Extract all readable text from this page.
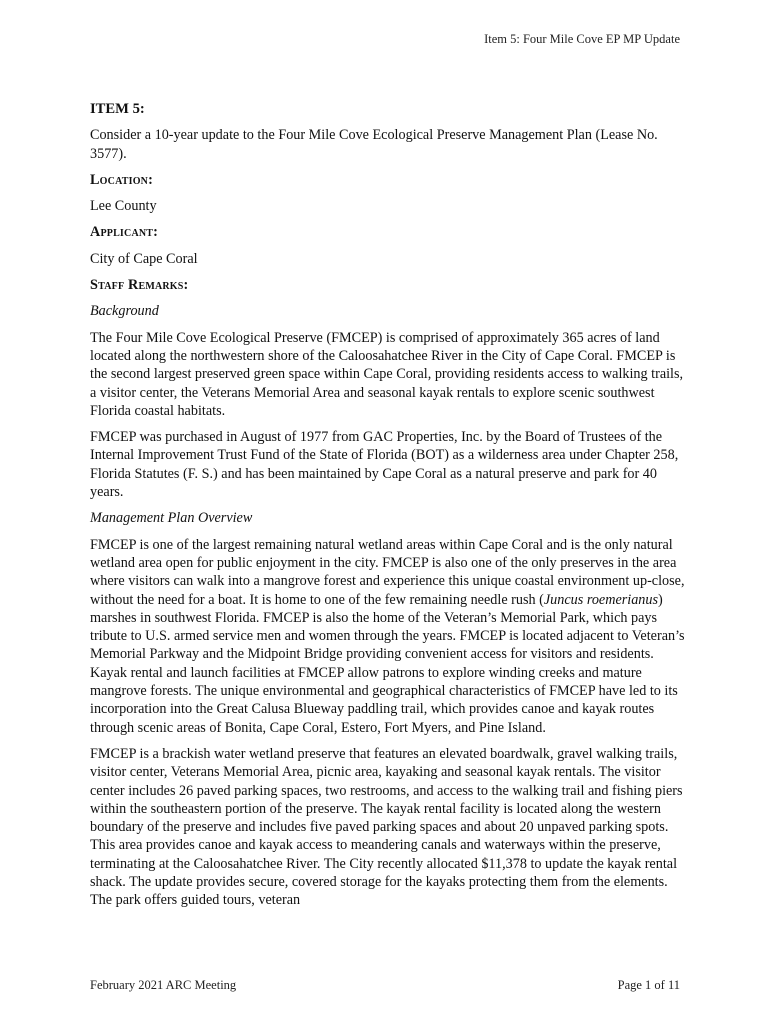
Item 5: Four Mile Cove EP MP Update
ITEM 5:

Consider a 10-year update to the Four Mile Cove Ecological Preserve Management Plan (Lease No. 3577).

Location:

Lee County

Applicant:

City of Cape Coral

Staff Remarks:
Background

The Four Mile Cove Ecological Preserve (FMCEP) is comprised of approximately 365 acres of land located along the northwestern shore of the Caloosahatchee River in the City of Cape Coral. FMCEP is the second largest preserved green space within Cape Coral, providing residents access to walking trails, a visitor center, the Veterans Memorial Area and seasonal kayak rentals to explore scenic southwest Florida coastal habitats.

FMCEP was purchased in August of 1977 from GAC Properties, Inc. by the Board of Trustees of the Internal Improvement Trust Fund of the State of Florida (BOT) as a wilderness area under Chapter 258, Florida Statutes (F. S.) and has been maintained by Cape Coral as a natural preserve and park for 40 years.

Management Plan Overview

FMCEP is one of the largest remaining natural wetland areas within Cape Coral and is the only natural wetland area open for public enjoyment in the city. FMCEP is also one of the only preserves in the area where visitors can walk into a mangrove forest and experience this unique coastal environment up-close, without the need for a boat. It is home to one of the few remaining needle rush (Juncus roemerianus) marshes in southwest Florida. FMCEP is also the home of the Veteran’s Memorial Park, which pays tribute to U.S. armed service men and women through the years. FMCEP is located adjacent to Veteran’s Memorial Parkway and the Midpoint Bridge providing convenient access for visitors and residents. Kayak rental and launch facilities at FMCEP allow patrons to explore winding creeks and mature mangrove forests. The unique environmental and geographical characteristics of FMCEP have led to its incorporation into the Great Calusa Blueway paddling trail, which provides canoe and kayak routes through scenic areas of Bonita, Cape Coral, Estero, Fort Myers, and Pine Island.

FMCEP is a brackish water wetland preserve that features an elevated boardwalk, gravel walking trails, visitor center, Veterans Memorial Area, picnic area, kayaking and seasonal kayak rentals. The visitor center includes 26 paved parking spaces, two restrooms, and access to the walking trail and fishing piers within the southeastern portion of the preserve. The kayak rental facility is located along the western boundary of the preserve and includes five paved parking spaces and about 20 unpaved parking spots. This area provides canoe and kayak access to meandering canals and waterways within the preserve, terminating at the Caloosahatchee River. The City recently allocated $11,378 to update the kayak rental shack. The update provides secure, covered storage for the kayaks protecting them from the elements. The park offers guided tours, veteran

February 2021 ARC Meeting	Page 1 of 11
